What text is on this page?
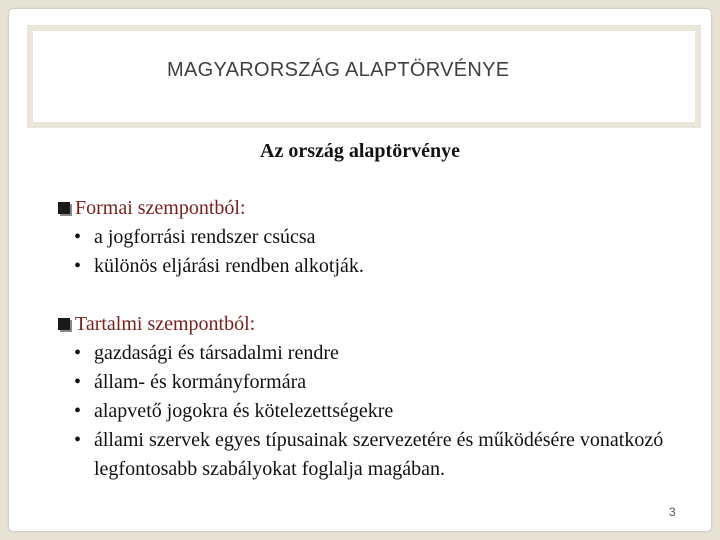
MAGYARORSZÁG ALAPTÖRVÉNYE
Az ország alaptörvénye
Formai szempontból:
• a jogforrási rendszer csúcsa
• különös eljárási rendben alkotják.
Tartalmi szempontból:
• gazdasági és társadalmi rendre
• állam- és kormányformára
• alapvető jogokra és kötelezettségekre
• állami szervek egyes típusainak szervezetére és működésére vonatkozó legfontosabb szabályokat foglalja magában.
3
